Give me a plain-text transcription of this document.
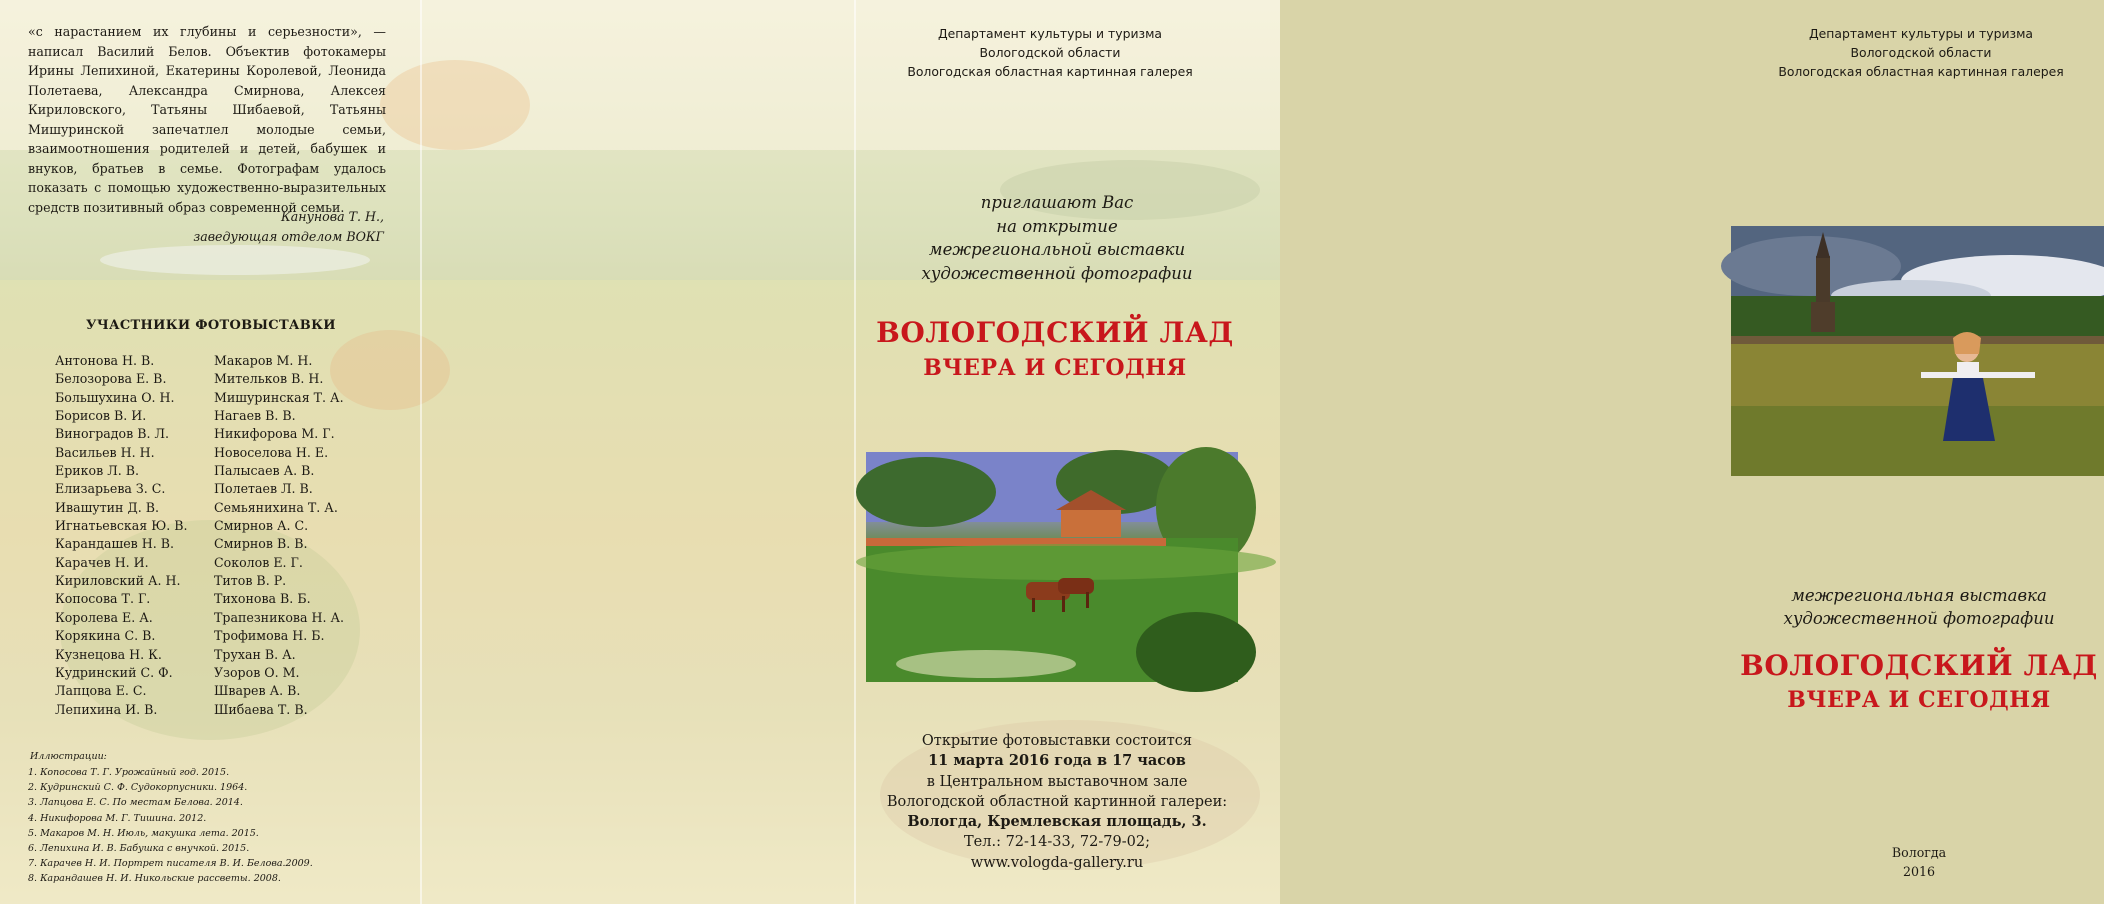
«с нарастанием их глубины и серьезности», — написал Василий Белов. Объектив фотокамеры Ирины Лепихиной, Екатерины Королевой, Леонида Полетаева, Александра Смирнова, Алексея Кириловского, Татьяны Шибаевой, Татьяны Мишуринской запечатлел молодые семьи, взаимоотношения родителей и детей, бабушек и внуков, братьев в семье. Фотографам удалось показать с помощью художественно-выразительных средств позитивный образ современной семьи.

Канунова Т. Н.,
заведующая отделом ВОКГ
УЧАСТНИКИ ФОТОВЫСТАВКИ
Антонова Н. В.
Белозорова Е. В.
Большухина О. Н.
Борисов В. И.
Виноградов В. Л.
Васильев Н. Н.
Ериков Л. В.
Елизарьева З. С.
Ивашутин Д. В.
Игнатьевская Ю. В.
Карандашев Н. В.
Карачев Н. И.
Кириловский А. Н.
Копосова Т. Г.
Королева Е. А.
Корякина С. В.
Кузнецова Н. К.
Кудринский С. Ф.
Лапцова Е. С.
Лепихина И. В.
Макаров М. Н.
Мительков В. Н.
Мишуринская Т. А.
Нагаев В. В.
Никифорова М. Г.
Новоселова Н. Е.
Палысаев А. В.
Полетаев Л. В.
Семьянихина Т. А.
Смирнов А. С.
Смирнов В. В.
Соколов Е. Г.
Титов В. Р.
Тихонова В. Б.
Трапезникова Н. А.
Трофимова Н. Б.
Трухан В. А.
Узоров О. М.
Шварев А. В.
Шибаева Т. В.
Иллюстрации:
1. Копосова Т. Г. Урожайный год. 2015.
2. Кудринский С. Ф. Судокорпусники. 1964.
3. Лапцова Е. С. По местам Белова. 2014.
4. Никифорова М. Г. Тишина. 2012.
5. Макаров М. Н. Июль, макушка лета. 2015.
6. Лепихина И. В. Бабушка с внучкой. 2015.
7. Карачев Н. И. Портрет писателя В. И. Белова.2009.
8. Карандашев Н. И. Никольские рассветы. 2008.
Департамент культуры и туризма
Вологодской области
Вологодская областная картинная галерея
приглашают Вас
на открытие
межрегиональной выставки
художественной фотографии
ВОЛОГОДСКИЙ ЛАД
ВЧЕРА И СЕГОДНЯ
Открытие фотовыставки состоится
11 марта 2016 года в 17 часов
в Центральном выставочном зале
Вологодской областной картинной галереи:
Вологда, Кремлевская площадь, 3.
Тел.: 72-14-33, 72-79-02;
www.vologda-gallery.ru
Департамент культуры и туризма
Вологодской области
Вологодская областная картинная галерея
межрегиональная выставка
художественной фотографии
ВОЛОГОДСКИЙ ЛАД
ВЧЕРА И СЕГОДНЯ
Вологда
2016
